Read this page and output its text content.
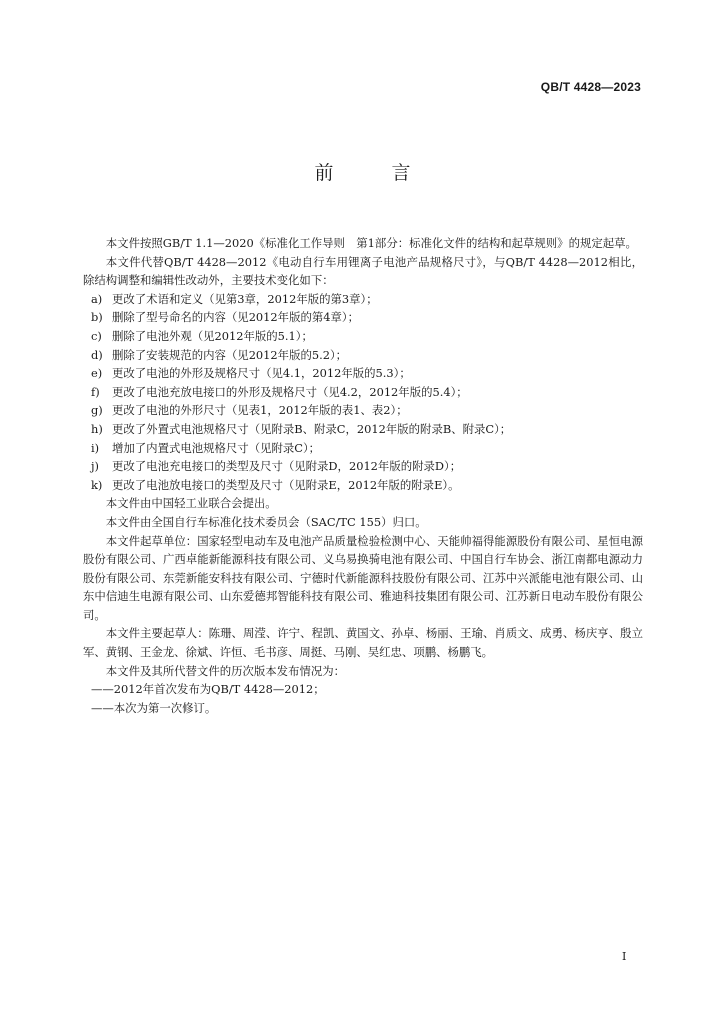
QB/T 4428—2023
前 言

本文件按照GB/T 1.1—2020《标准化工作导则　第1部分：标准化文件的结构和起草规则》的规定起草。

本文件代替QB/T 4428—2012《电动自行车用锂离子电池产品规格尺寸》，与QB/T 4428—2012相比，除结构调整和编辑性改动外，主要技术变化如下：

a) 更改了术语和定义（见第3章，2012年版的第3章）；

b) 删除了型号命名的内容（见2012年版的第4章）；

c) 删除了电池外观（见2012年版的5.1）；

d) 删除了安装规范的内容（见2012年版的5.2）；

e) 更改了电池的外形及规格尺寸（见4.1，2012年版的5.3）；

f) 更改了电池充放电接口的外形及规格尺寸（见4.2，2012年版的5.4）；

g) 更改了电池的外形尺寸（见表1，2012年版的表1、表2）；

h) 更改了外置式电池规格尺寸（见附录B、附录C，2012年版的附录B、附录C）；

i) 增加了内置式电池规格尺寸（见附录C）；

j) 更改了电池充电接口的类型及尺寸（见附录D，2012年版的附录D）；

k) 更改了电池放电接口的类型及尺寸（见附录E，2012年版的附录E）。

本文件由中国轻工业联合会提出。

本文件由全国自行车标准化技术委员会（SAC/TC 155）归口。

本文件起草单位：国家轻型电动车及电池产品质量检验检测中心、天能帅福得能源股份有限公司、星恒电源股份有限公司、广西卓能新能源科技有限公司、义乌易换骑电池有限公司、中国自行车协会、浙江南都电源动力股份有限公司、东莞新能安科技有限公司、宁德时代新能源科技股份有限公司、江苏中兴派能电池有限公司、山东中信迪生电源有限公司、山东爱德邦智能科技有限公司、雅迪科技集团有限公司、江苏新日电动车股份有限公司。

本文件主要起草人：陈珊、周滢、许宁、程凯、黄国文、孙卓、杨丽、王瑜、肖质文、成勇、杨庆亨、殷立军、黄钢、王金龙、徐斌、许恒、毛书彦、周挺、马刚、吴红忠、项鹏、杨鹏飞。

本文件及其所代替文件的历次版本发布情况为：

——2012年首次发布为QB/T 4428—2012；

——本次为第一次修订。

I
